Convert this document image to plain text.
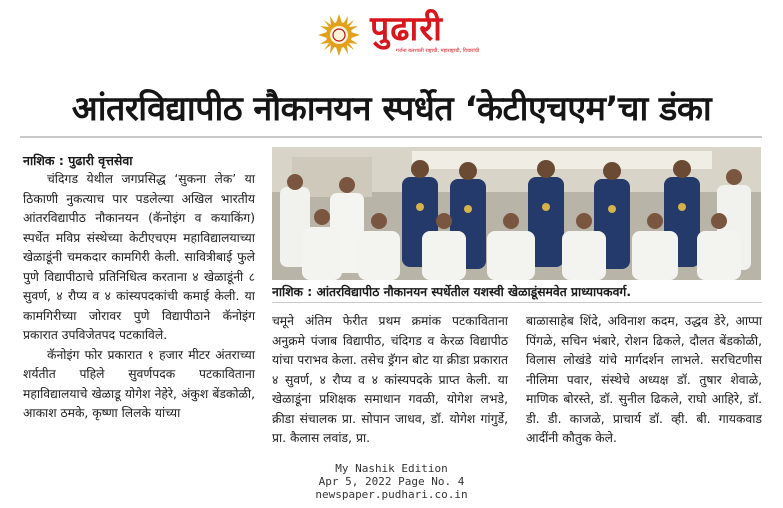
पुढारी
गर्जना बलशाली राष्ट्राची, महाराष्ट्राची, विचारांची
आंतरविद्यापीठ नौकानयन स्पर्धेत ‘केटीएचएम’चा डंका
नाशिक : पुढारी वृत्तसेवा

चंदिगड येथील जगप्रसिद्ध ‘सुकना लेक’ या ठिकाणी नुकत्याच पार पडलेल्या अखिल भारतीय आंतरविद्यापीठ नौकानयन (कॅनोइंग व कयाकिंग) स्पर्धेत मविप्र संस्थेच्या केटीएचएम महाविद्यालयाच्या खेळाडूंनी चमकदार कामगिरी केली. सावित्रीबाई फुले पुणे विद्यापीठाचे प्रतिनिधित्व करताना ४ खेळाडूंनी ८ सुवर्ण, ४ रौप्य व ४ कांस्यपदकांची कमाई केली. या कामगिरीच्या जोरावर पुणे विद्यापीठाने कॅनोइंग प्रकारात उपविजेतपद पटकाविले.

कॅनोइंग फोर प्रकारात १ हजार मीटर अंतराच्या शर्यतीत पहिले सुवर्णपदक पटकाविताना महाविद्यालयाचे खेळाडू योगेश नेहेरे, अंकुश बेंडकोळी, आकाश ठमके, कृष्णा लिलके यांच्या

नाशिक : आंतरविद्यापीठ नौकानयन स्पर्धेतील यशस्वी खेळाडूंसमवेत प्राध्यापकवर्ग.

चमूने अंतिम फेरीत प्रथम क्रमांक पटकाविताना अनुक्रमे पंजाब विद्यापीठ, चंदिगड व केरळ विद्यापीठ यांचा पराभव केला. तसेच ड्रॅगन बोट या क्रीडा प्रकारात ४ सुवर्ण, ४ रौप्य व ४ कांस्यपदके प्राप्त केली. या खेळाडूंना प्रशिक्षक समाधान गवळी, योगेश लभडे, क्रीडा संचालक प्रा. सोपान जाधव, डॉ. योगेश गांगुर्डे, प्रा. कैलास लवांड, प्रा.

बाळासाहेब शिंदे, अविनाश कदम, उद्धव डेरे, आप्पा पिंगळे, सचिन भंबारे, रोशन ढिकले, दौलत बेंडकोळी, विलास लोखंडे यांचे मार्गदर्शन लाभले. सरचिटणीस नीलिमा पवार, संस्थेचे अध्यक्ष डॉ. तुषार शेवाळे, माणिक बोरस्ते, डॉ. सुनील ढिकले, राघो आहिरे, डॉ. डी. डी. काजळे, प्राचार्य डॉ. व्ही. बी. गायकवाड आदींनी कौतुक केले.

My Nashik Edition
Apr 5, 2022 Page No. 4
newspaper.pudhari.co.in
